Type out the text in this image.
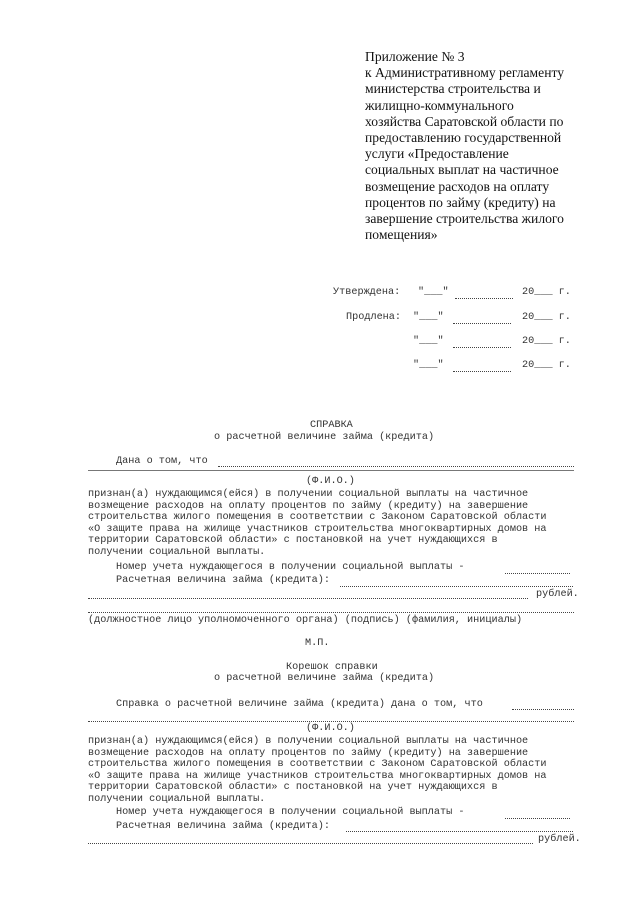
Приложение № 3
к Административному регламенту
министерства строительства и
жилищно-коммунального
хозяйства Саратовской области по
предоставлению государственной
услуги «Предоставление
социальных выплат на частичное
возмещение расходов на оплату
процентов по займу (кредиту) на
завершение строительства жилого
помещения»
Утверждена: "___"	20___ г.
Продлена: "___"	20___ г.
"___"	20___ г.
"___"	20___ г.
СПРАВКА
о расчетной величине займа (кредита)
Дана о том, что
(Ф.И.О.)
признан(а) нуждающимся(ейся) в получении социальной выплаты на частичное
возмещение расходов на оплату процентов по займу (кредиту) на завершение
строительства жилого помещения в соответствии с Законом Саратовской области
«О защите права на жилище участников строительства многоквартирных домов на
территории Саратовской области» с постановкой на учет нуждающихся в
получении социальной выплаты.
Номер учета нуждающегося в получении социальной выплаты -
Расчетная величина займа (кредита):
рублей.
(должностное лицо уполномоченного органа) (подпись) (фамилия, инициалы)
М.П.
Корешок справки
о расчетной величине займа (кредита)
Справка о расчетной величине займа (кредита) дана о том, что
(Ф.И.О.)
признан(а) нуждающимся(ейся) в получении социальной выплаты на частичное
возмещение расходов на оплату процентов по займу (кредиту) на завершение
строительства жилого помещения в соответствии с Законом Саратовской области
«О защите права на жилище участников строительства многоквартирных домов на
территории Саратовской области» с постановкой на учет нуждающихся в
получении социальной выплаты.
Номер учета нуждающегося в получении социальной выплаты -
Расчетная величина займа (кредита):
рублей.
